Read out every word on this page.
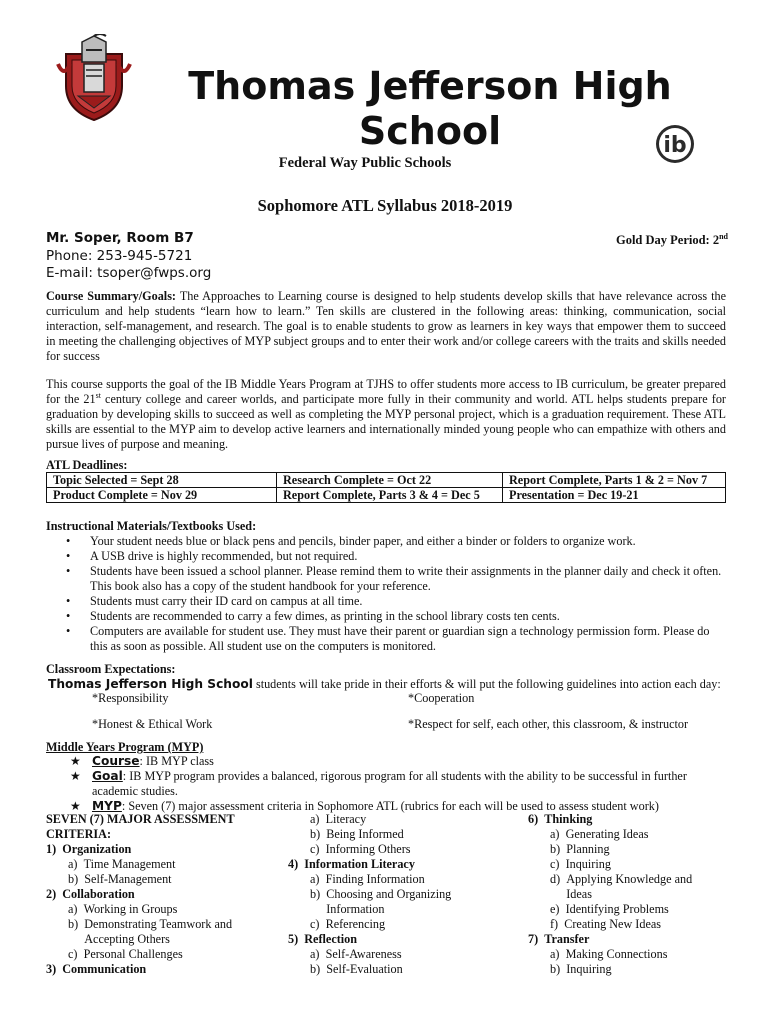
Thomas Jefferson High School	ib
Federal Way Public Schools
Sophomore ATL Syllabus 2018-2019
Mr. Soper, Room B7
Phone: 253-945-5721
E-mail: tsoper@fwps.org
Gold Day Period: 2nd

Course Summary/Goals: The Approaches to Learning course is designed to help students develop skills that have relevance across the curriculum and help students “learn how to learn.” Ten skills are clustered in the following areas: thinking, communication, social interaction, self-management, and research. The goal is to enable students to grow as learners in key ways that empower them to succeed in meeting the challenging objectives of MYP subject groups and to enter their work and/or college careers with the traits and skills needed for success

This course supports the goal of the IB Middle Years Program at TJHS to offer students more access to IB curriculum, be greater prepared for the 21st century college and career worlds, and participate more fully in their community and world. ATL helps students prepare for graduation by developing skills to succeed as well as completing the MYP personal project, which is a graduation requirement. These ATL skills are essential to the MYP aim to develop active learners and internationally minded young people who can empathize with others and pursue lives of purpose and meaning.

ATL Deadlines:
Topic Selected = Sept 28	Research Complete = Oct 22	Report Complete, Parts 1 & 2 = Nov 7
Product Complete = Nov 29	Report Complete, Parts 3 & 4 = Dec 5	Presentation = Dec 19-21
Instructional Materials/Textbooks Used:
• Your student needs blue or black pens and pencils, binder paper, and either a binder or folders to organize work.
• A USB drive is highly recommended, but not required.
• Students have been issued a school planner. Please remind them to write their assignments in the planner daily and check it often. This book also has a copy of the student handbook for your reference.
• Students must carry their ID card on campus at all time.
• Students are recommended to carry a few dimes, as printing in the school library costs ten cents.
• Computers are available for student use. They must have their parent or guardian sign a technology permission form. Please do this as soon as possible. All student use on the computers is monitored.
Classroom Expectations:
Thomas Jefferson High School students will take pride in their efforts & will put the following guidelines into action each day:
*Responsibility	*Cooperation
*Honest & Ethical Work	*Respect for self, each other, this classroom, & instructor
Middle Years Program (MYP)
★ Course: IB MYP class
★ Goal: IB MYP program provides a balanced, rigorous program for all students with the ability to be successful in further academic studies.
★ MYP: Seven (7) major assessment criteria in Sophomore ATL (rubrics for each will be used to assess student work)
SEVEN (7) MAJOR ASSESSMENT
CRITERIA:
1) Organization
a) Time Management
b) Self-Management
2) Collaboration
a) Working in Groups
b) Demonstrating Teamwork and Accepting Others
c) Personal Challenges
3) Communication
a) Literacy
b) Being Informed
c) Informing Others
4) Information Literacy
a) Finding Information
b) Choosing and Organizing Information
c) Referencing
5) Reflection
a) Self-Awareness
b) Self-Evaluation
6) Thinking
a) Generating Ideas
b) Planning
c) Inquiring
d) Applying Knowledge and Ideas
e) Identifying Problems
f) Creating New Ideas
7) Transfer
a) Making Connections
b) Inquiring
